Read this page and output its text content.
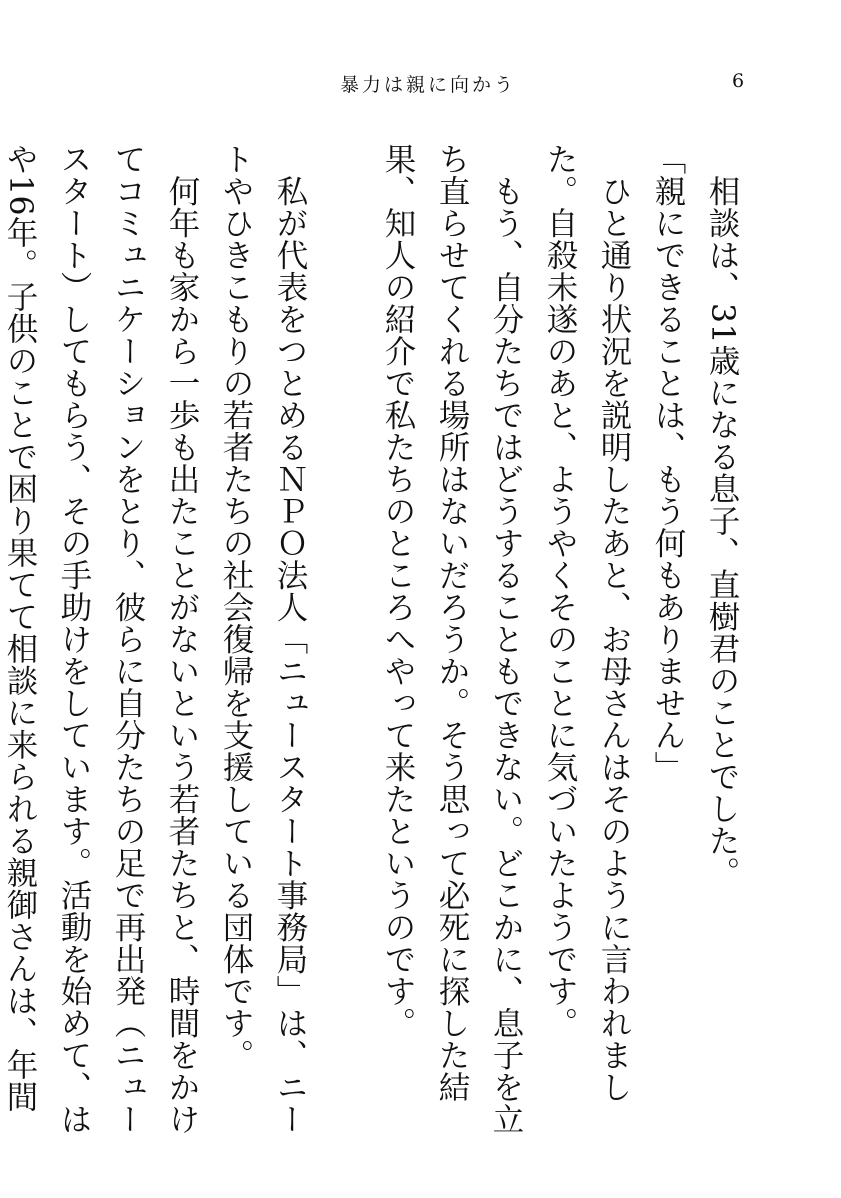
暴力は親に向かう	6

相談は、31歳になる息子、直樹君のことでした。

「親にできることは、もう何もありません」

ひと通り状況を説明したあと、お母さんはそのように言われました。自殺未遂のあと、ようやくそのことに気づいたようです。

もう、自分たちではどうすることもできない。どこかに、息子を立ち直らせてくれる場所はないだろうか。そう思って必死に探した結果、知人の紹介で私たちのところへやって来たというのです。

私が代表をつとめるＮＰＯ法人「ニュースタート事務局」は、ニートやひきこもりの若者たちの社会復帰を支援している団体です。

何年も家から一歩も出たことがないという若者たちと、時間をかけてコミュニケーションをとり、彼らに自分たちの足で再出発（ニュースタート）してもらう、その手助けをしています。活動を始めて、はや16年。子供のことで困り果てて相談に来られる親御さんは、年間
